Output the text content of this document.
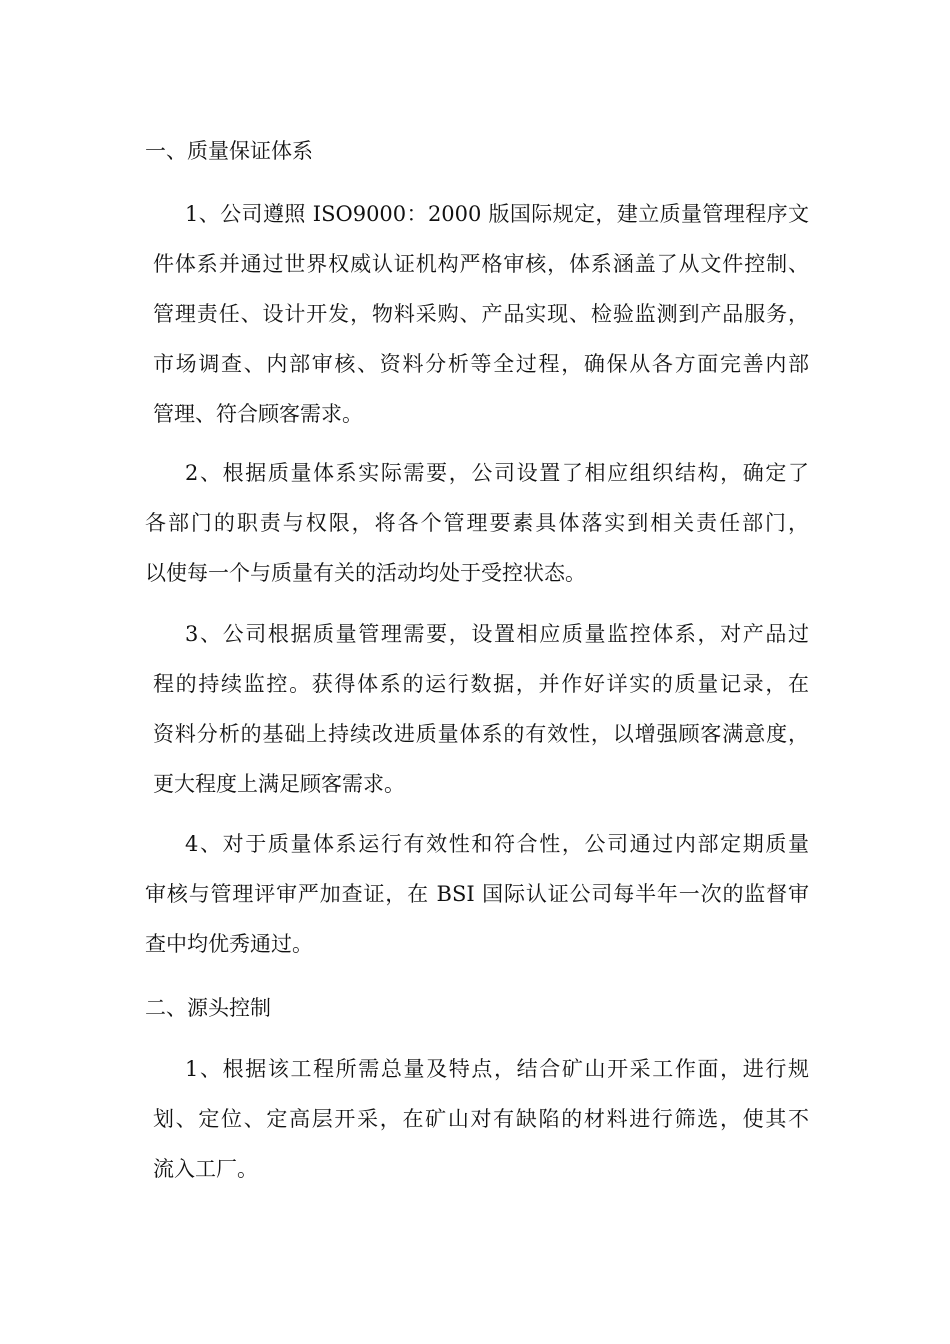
一、质量保证体系
1、公司遵照 ISO9000：2000 版国际规定，建立质量管理程序文
件体系并通过世界权威认证机构严格审核，体系涵盖了从文件控制、
管理责任、设计开发，物料采购、产品实现、检验监测到产品服务，
市场调查、内部审核、资料分析等全过程，确保从各方面完善内部
管理、符合顾客需求。
2、根据质量体系实际需要，公司设置了相应组织结构，确定了
各部门的职责与权限，将各个管理要素具体落实到相关责任部门，
以使每一个与质量有关的活动均处于受控状态。
3、公司根据质量管理需要，设置相应质量监控体系，对产品过
程的持续监控。获得体系的运行数据，并作好详实的质量记录，在
资料分析的基础上持续改进质量体系的有效性，以增强顾客满意度，
更大程度上满足顾客需求。
4、对于质量体系运行有效性和符合性，公司通过内部定期质量
审核与管理评审严加查证，在 BSI 国际认证公司每半年一次的监督审
查中均优秀通过。
二、源头控制
1、根据该工程所需总量及特点，结合矿山开采工作面，进行规
划、定位、定高层开采，在矿山对有缺陷的材料进行筛选，使其不
流入工厂。
